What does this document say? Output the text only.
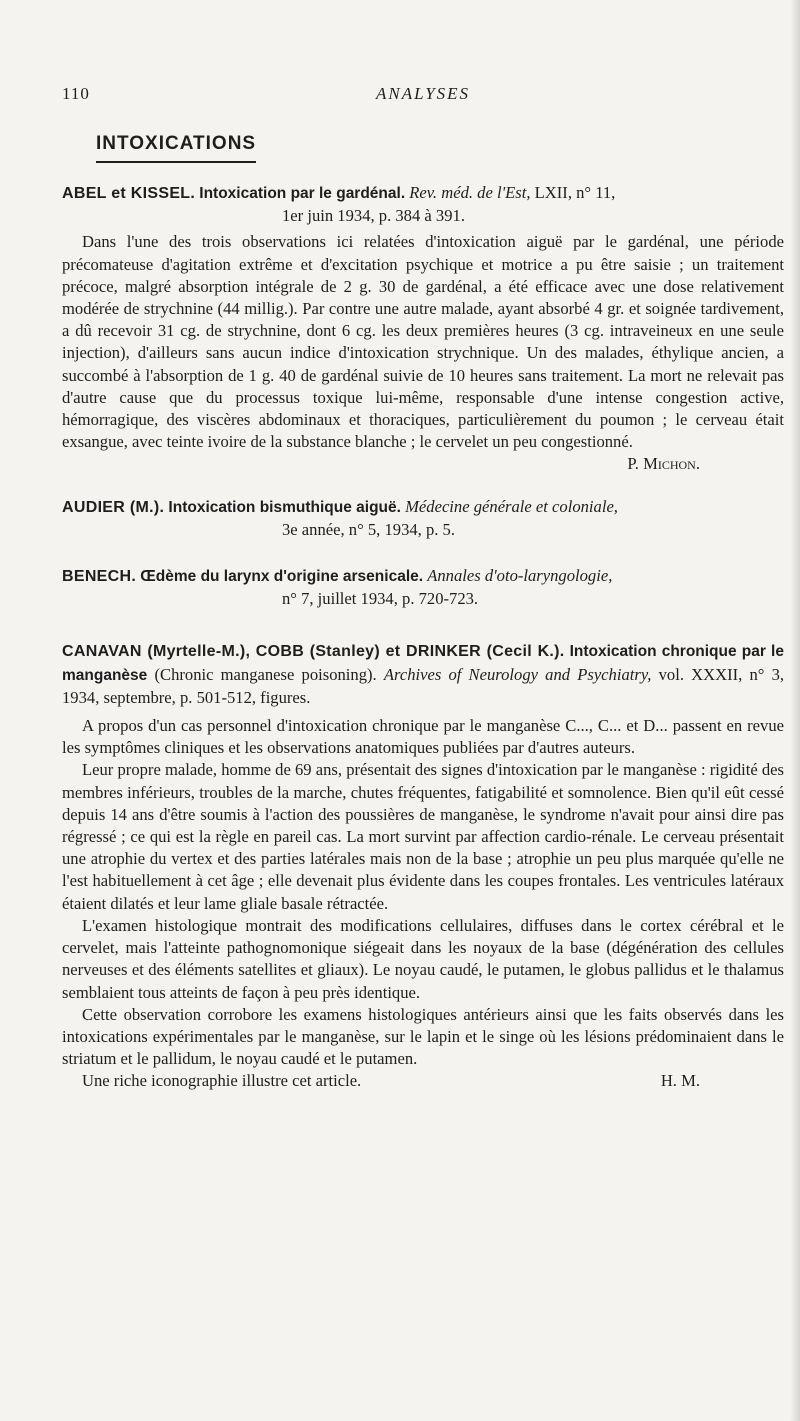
110	ANALYSES
INTOXICATIONS
ABEL et KISSEL. Intoxication par le gardénal. Rev. méd. de l'Est, LXII, n° 11,
1er juin 1934, p. 384 à 391.

Dans l'une des trois observations ici relatées d'intoxication aiguë par le gardénal, une période précomateuse d'agitation extrême et d'excitation psychique et motrice a pu être saisie ; un traitement précoce, malgré absorption intégrale de 2 g. 30 de gardénal, a été efficace avec une dose relativement modérée de strychnine (44 millig.). Par contre une autre malade, ayant absorbé 4 gr. et soignée tardivement, a dû recevoir 31 cg. de strychnine, dont 6 cg. les deux premières heures (3 cg. intraveineux en une seule injection), d'ailleurs sans aucun indice d'intoxication strychnique. Un des malades, éthylique ancien, a succombé à l'absorption de 1 g. 40 de gardénal suivie de 10 heures sans traitement. La mort ne relevait pas d'autre cause que du processus toxique lui-même, responsable d'une intense congestion active, hémorragique, des viscères abdominaux et thoraciques, particulièrement du poumon ; le cerveau était exsangue, avec teinte ivoire de la substance blanche ; le cervelet un peu congestionné.

P. Michon.

AUDIER (M.). Intoxication bismuthique aiguë. Médecine générale et coloniale,
3e année, n° 5, 1934, p. 5.
BENECH. Œdème du larynx d'origine arsenicale. Annales d'oto-laryngologie,
n° 7, juillet 1934, p. 720-723.
CANAVAN (Myrtelle-M.), COBB (Stanley) et DRINKER (Cecil K.). Intoxication chronique par le manganèse (Chronic manganese poisoning). Archives of Neurology and Psychiatry, vol. XXXII, n° 3, 1934, septembre, p. 501-512, figures.

A propos d'un cas personnel d'intoxication chronique par le manganèse C..., C... et D... passent en revue les symptômes cliniques et les observations anatomiques publiées par d'autres auteurs.

Leur propre malade, homme de 69 ans, présentait des signes d'intoxication par le manganèse : rigidité des membres inférieurs, troubles de la marche, chutes fréquentes, fatigabilité et somnolence. Bien qu'il eût cessé depuis 14 ans d'être soumis à l'action des poussières de manganèse, le syndrome n'avait pour ainsi dire pas régressé ; ce qui est la règle en pareil cas. La mort survint par affection cardio-rénale. Le cerveau présentait une atrophie du vertex et des parties latérales mais non de la base ; atrophie un peu plus marquée qu'elle ne l'est habituellement à cet âge ; elle devenait plus évidente dans les coupes frontales. Les ventricules latéraux étaient dilatés et leur lame gliale basale rétractée.

L'examen histologique montrait des modifications cellulaires, diffuses dans le cortex cérébral et le cervelet, mais l'atteinte pathognomonique siégeait dans les noyaux de la base (dégénération des cellules nerveuses et des éléments satellites et gliaux). Le noyau caudé, le putamen, le globus pallidus et le thalamus semblaient tous atteints de façon à peu près identique.

Cette observation corrobore les examens histologiques antérieurs ainsi que les faits observés dans les intoxications expérimentales par le manganèse, sur le lapin et le singe où les lésions prédominaient dans le striatum et le pallidum, le noyau caudé et le putamen.

Une riche iconographie illustre cet article.	H. M.
